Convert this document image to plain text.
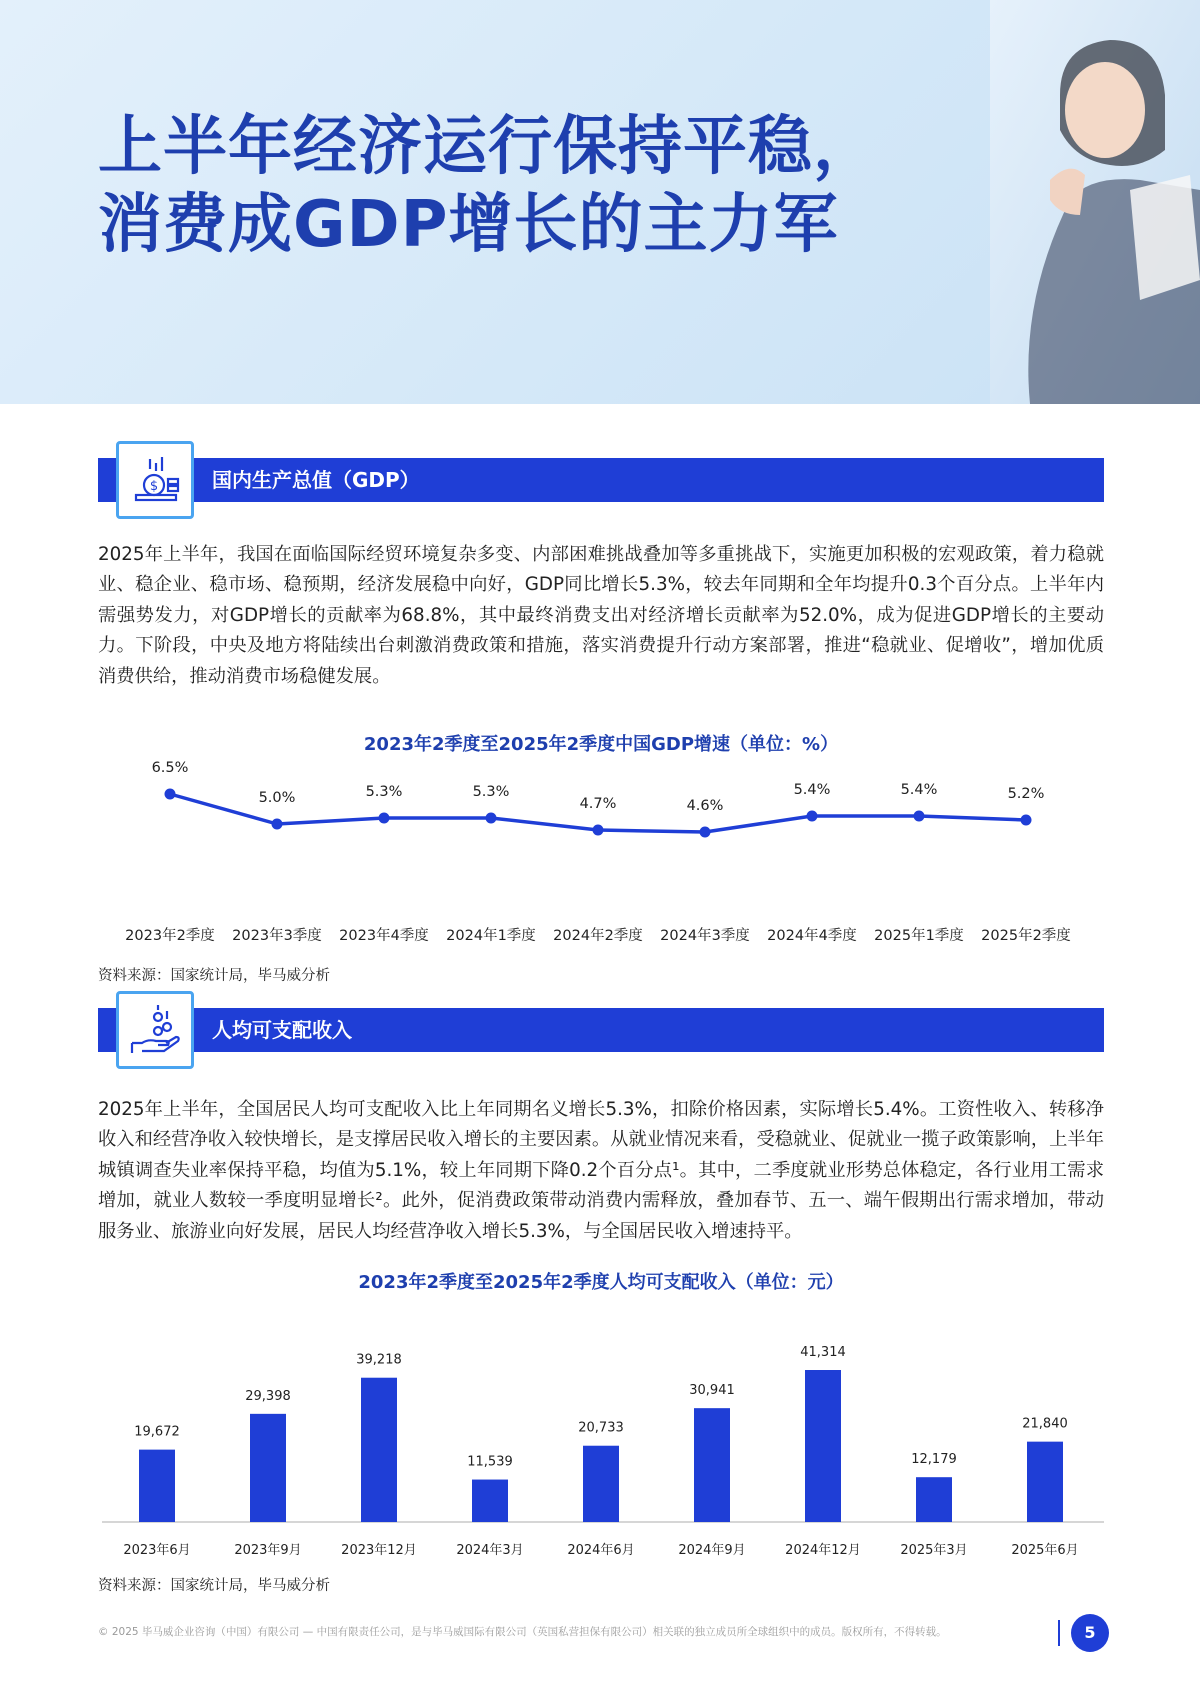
上半年经济运行保持平稳，
消费成GDP增长的主力军
$	国内生产总值（GDP）

2025年上半年，我国在面临国际经贸环境复杂多变、内部困难挑战叠加等多重挑战下，实施更加积极的宏观政策，着力稳就业、稳企业、稳市场、稳预期，经济发展稳中向好，GDP同比增长5.3%，较去年同期和全年均提升0.3个百分点。上半年内需强势发力，对GDP增长的贡献率为68.8%，其中最终消费支出对经济增长贡献率为52.0%，成为促进GDP增长的主要动力。下阶段，中央及地方将陆续出台刺激消费政策和措施，落实消费提升行动方案部署，推进“稳就业、促增收”，增加优质消费供给，推动消费市场稳健发展。

2023年2季度至2025年2季度中国GDP增速（单位：%）
6.5%
2023年2季度
5.0%
2023年3季度
5.3%
2023年4季度
5.3%
2024年1季度
4.7%
2024年2季度
4.6%
2024年3季度
5.4%
2024年4季度
5.4%
2025年1季度
5.2%
2025年2季度
资料来源：国家统计局，毕马威分析
人均可支配收入

2025年上半年，全国居民人均可支配收入比上年同期名义增长5.3%，扣除价格因素，实际增长5.4%。工资性收入、转移净收入和经营净收入较快增长，是支撑居民收入增长的主要因素。从就业情况来看，受稳就业、促就业一揽子政策影响，上半年城镇调查失业率保持平稳，均值为5.1%，较上年同期下降0.2个百分点¹。其中，二季度就业形势总体稳定，各行业用工需求增加，就业人数较一季度明显增长²。此外，促消费政策带动消费内需释放，叠加春节、五一、端午假期出行需求增加，带动服务业、旅游业向好发展，居民人均经营净收入增长5.3%，与全国居民收入增速持平。

2023年2季度至2025年2季度人均可支配收入（单位：元）
19,672
2023年6月
29,398
2023年9月
39,218
2023年12月
11,539
2024年3月
20,733
2024年6月
30,941
2024年9月
41,314
2024年12月
12,179
2025年3月
21,840
2025年6月
资料来源：国家统计局，毕马威分析
© 2025 毕马威企业咨询（中国）有限公司 — 中国有限责任公司，是与毕马威国际有限公司（英国私营担保有限公司）相关联的独立成员所全球组织中的成员。版权所有，不得转载。	5
